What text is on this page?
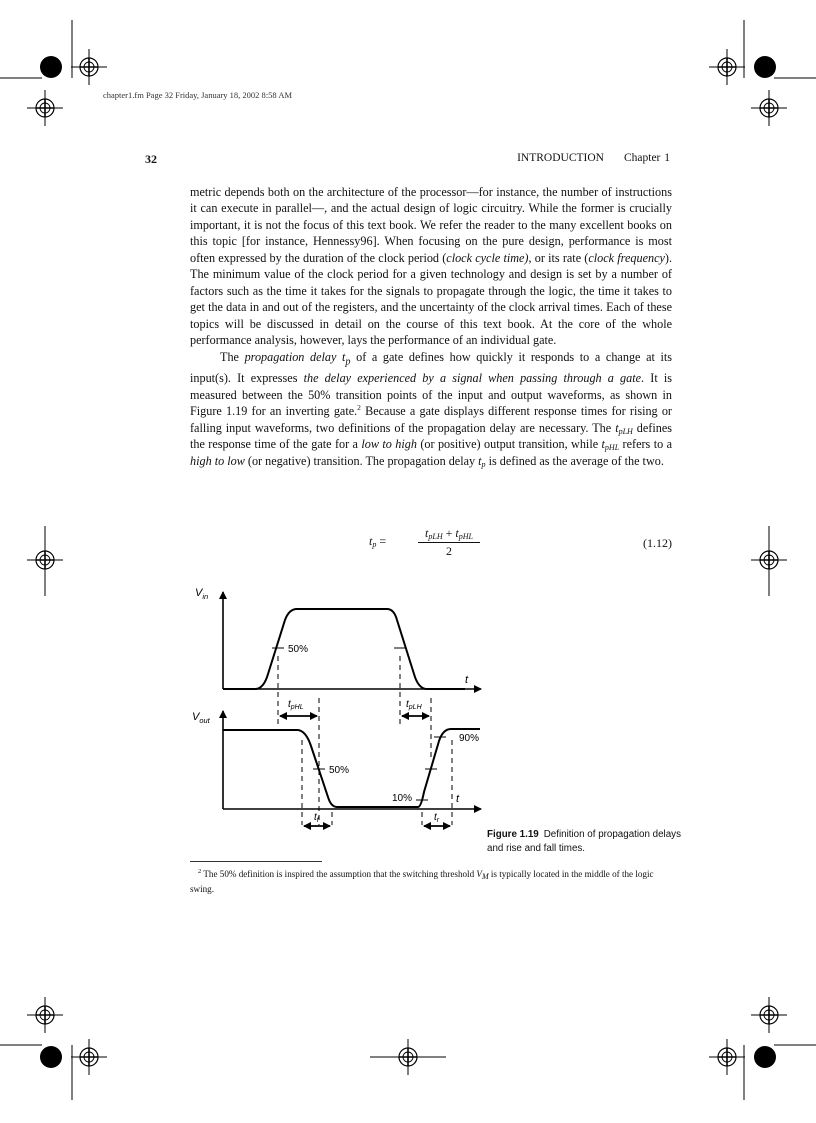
chapter1.fm Page 32 Friday, January 18, 2002 8:58 AM
32	INTRODUCTION Chapter 1

metric depends both on the architecture of the processor—for instance, the number of instructions it can execute in parallel—, and the actual design of logic circuitry. While the former is crucially important, it is not the focus of this text book. We refer the reader to the many excellent books on this topic [for instance, Hennessy96]. When focusing on the pure design, performance is most often expressed by the duration of the clock period (clock cycle time), or its rate (clock frequency). The minimum value of the clock period for a given technology and design is set by a number of factors such as the time it takes for the signals to propagate through the logic, the time it takes to get the data in and out of the registers, and the uncertainty of the clock arrival times. Each of these topics will be discussed in detail on the course of this text book. At the core of the whole performance analysis, however, lays the performance of an individual gate.

The propagation delay $t_p$ of a gate defines how quickly it responds to a change at its input(s). It expresses the delay experienced by a signal when passing through a gate. It is measured between the 50% transition points of the input and output waveforms, as shown in Figure 1.19 for an inverting gate.$^2$ Because a gate displays different response times for rising or falling input waveforms, two definitions of the propagation delay are necessary. The $t_{pLH}$ defines the response time of the gate for a low to high (or positive) output transition, while $t_{pHL}$ refers to a high to low (or negative) transition. The propagation delay $t_p$ is defined as the average of the two.

$t_p$ =
$t_{pLH} + t_{pHL}$
2
(1.12)
$V_{in}$
t
50%
$V_{out}$
t
50%
90%
10%
$t_{pHL}$	$t_{pLH}$
$t_f$	$t_r$
Figure 1.19 Definition of propagation delays and rise and fall times.
$^2$ The 50% definition is inspired the assumption that the switching threshold $V_M$ is typically located in the middle of the logic swing.
